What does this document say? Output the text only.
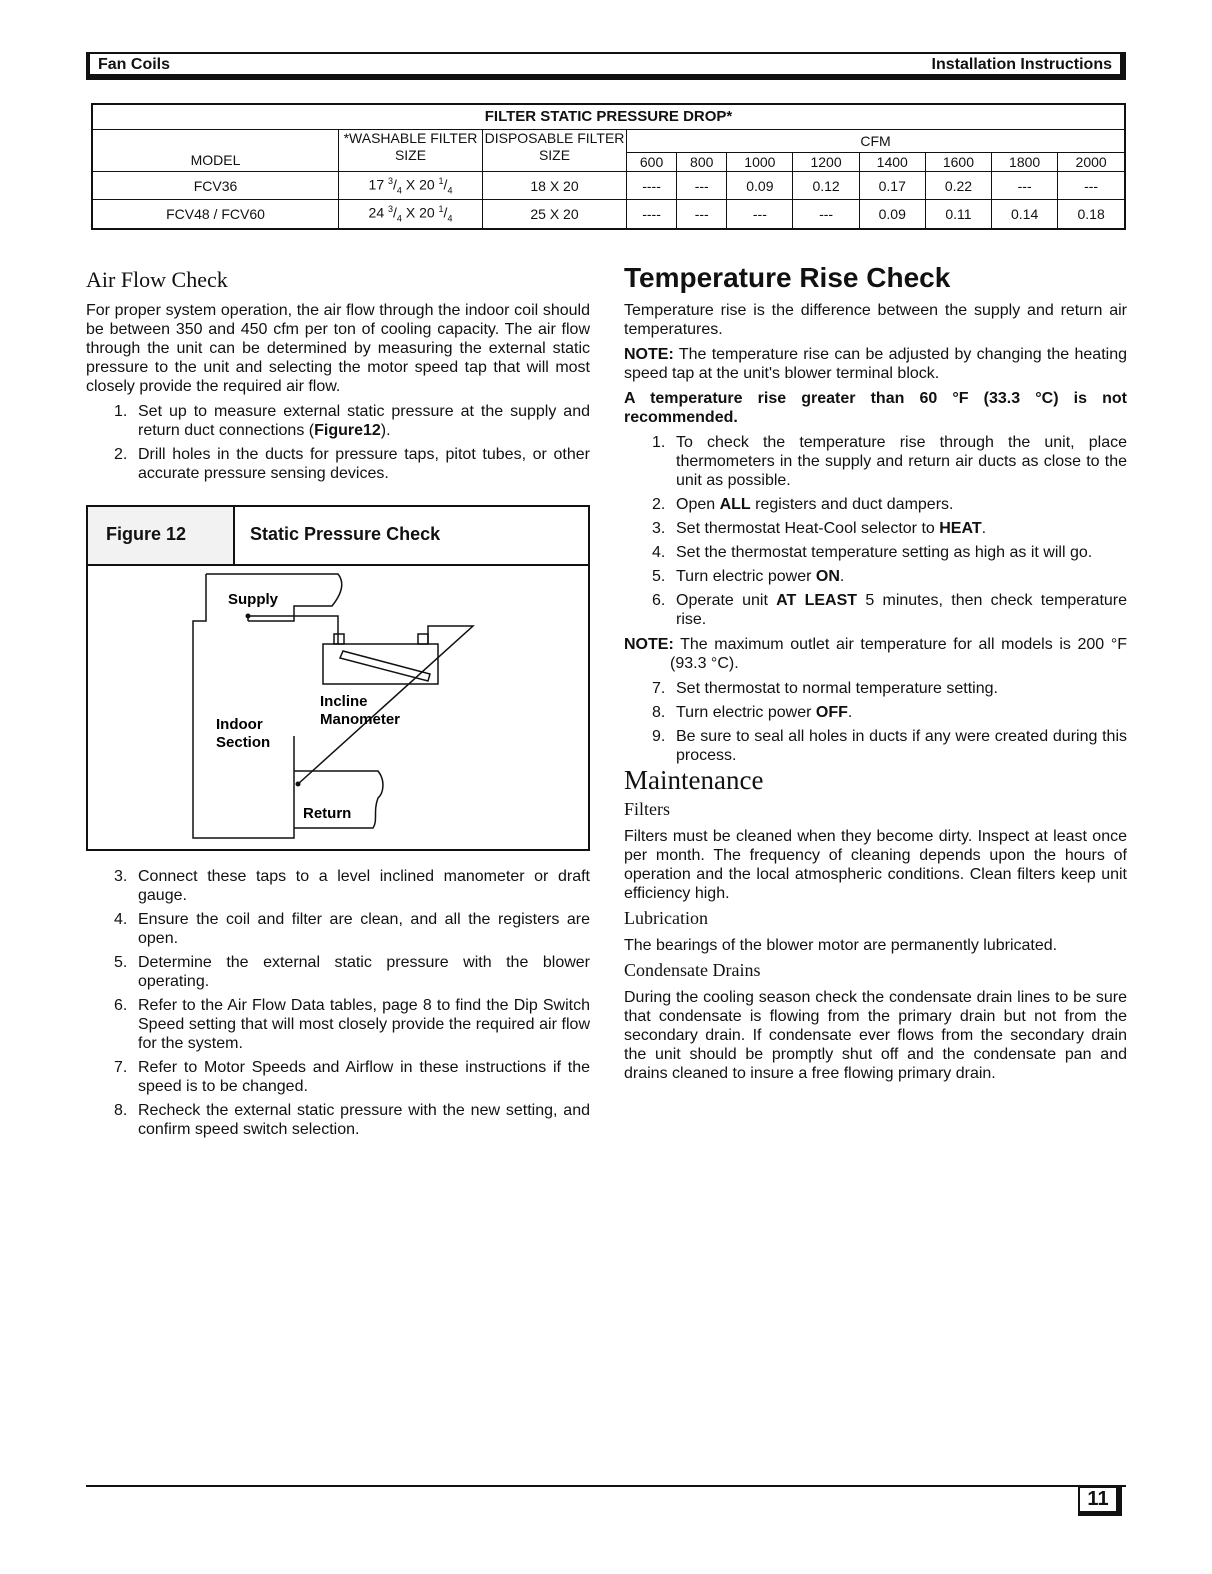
Fan Coils	Installation Instructions
FILTER STATIC PRESSURE DROP*										
MODEL	*WASHABLE FILTER SIZE	DISPOSABLE FILTER SIZE	CFM							
			600	800	1000	1200	1400	1600	1800	2000
FCV36	17 $^3/_4$ X 20 $^1/_4$	18 X 20	----	---	0.09	0.12	0.17	0.22	---	---
FCV48 / FCV60	24 $^3/_4$ X 20 $^1/_4$	25 X 20	----	---	---	---	0.09	0.11	0.14	0.18
Air Flow Check

For proper system operation, the air flow through the indoor coil should be between 350 and 450 cfm per ton of cooling capacity. The air flow through the unit can be determined by measuring the external static pressure to the unit and selecting the motor speed tap that will most closely provide the required air flow.

1. Set up to measure external static pressure at the supply and return duct connections (Figure12).
2. Drill holes in the ducts for pressure taps, pitot tubes, or other accurate pressure sensing devices.
Figure 12	Static Pressure Check
Supply
Incline
Manometer
Indoor
Section
Return
3. Connect these taps to a level inclined manometer or draft gauge.
4. Ensure the coil and filter are clean, and all the registers are open.
5. Determine the external static pressure with the blower operating.
6. Refer to the Air Flow Data tables, page 8 to find the Dip Switch Speed setting that will most closely provide the required air flow for the system.
7. Refer to Motor Speeds and Airflow in these instructions if the speed is to be changed.
8. Recheck the external static pressure with the new setting, and confirm speed switch selection.
Temperature Rise Check

Temperature rise is the difference between the supply and return air temperatures.

NOTE: The temperature rise can be adjusted by changing the heating speed tap at the unit's blower terminal block.

A temperature rise greater than 60 °F (33.3 °C) is not recommended.

1. To check the temperature rise through the unit, place thermometers in the supply and return air ducts as close to the unit as possible.
2. Open ALL registers and duct dampers.
3. Set thermostat Heat-Cool selector to HEAT.
4. Set the thermostat temperature setting as high as it will go.
5. Turn electric power ON.
6. Operate unit AT LEAST 5 minutes, then check temperature rise.

NOTE: The maximum outlet air temperature for all models is 200 °F (93.3 °C).

7. Set thermostat to normal temperature setting.
8. Turn electric power OFF.
9. Be sure to seal all holes in ducts if any were created during this process.
Maintenance
Filters

Filters must be cleaned when they become dirty. Inspect at least once per month. The frequency of cleaning depends upon the hours of operation and the local atmospheric conditions. Clean filters keep unit efficiency high.

Lubrication

The bearings of the blower motor are permanently lubricated.

Condensate Drains

During the cooling season check the condensate drain lines to be sure that condensate is flowing from the primary drain but not from the secondary drain. If condensate ever flows from the secondary drain the unit should be promptly shut off and the condensate pan and drains cleaned to insure a free flowing primary drain.

11
